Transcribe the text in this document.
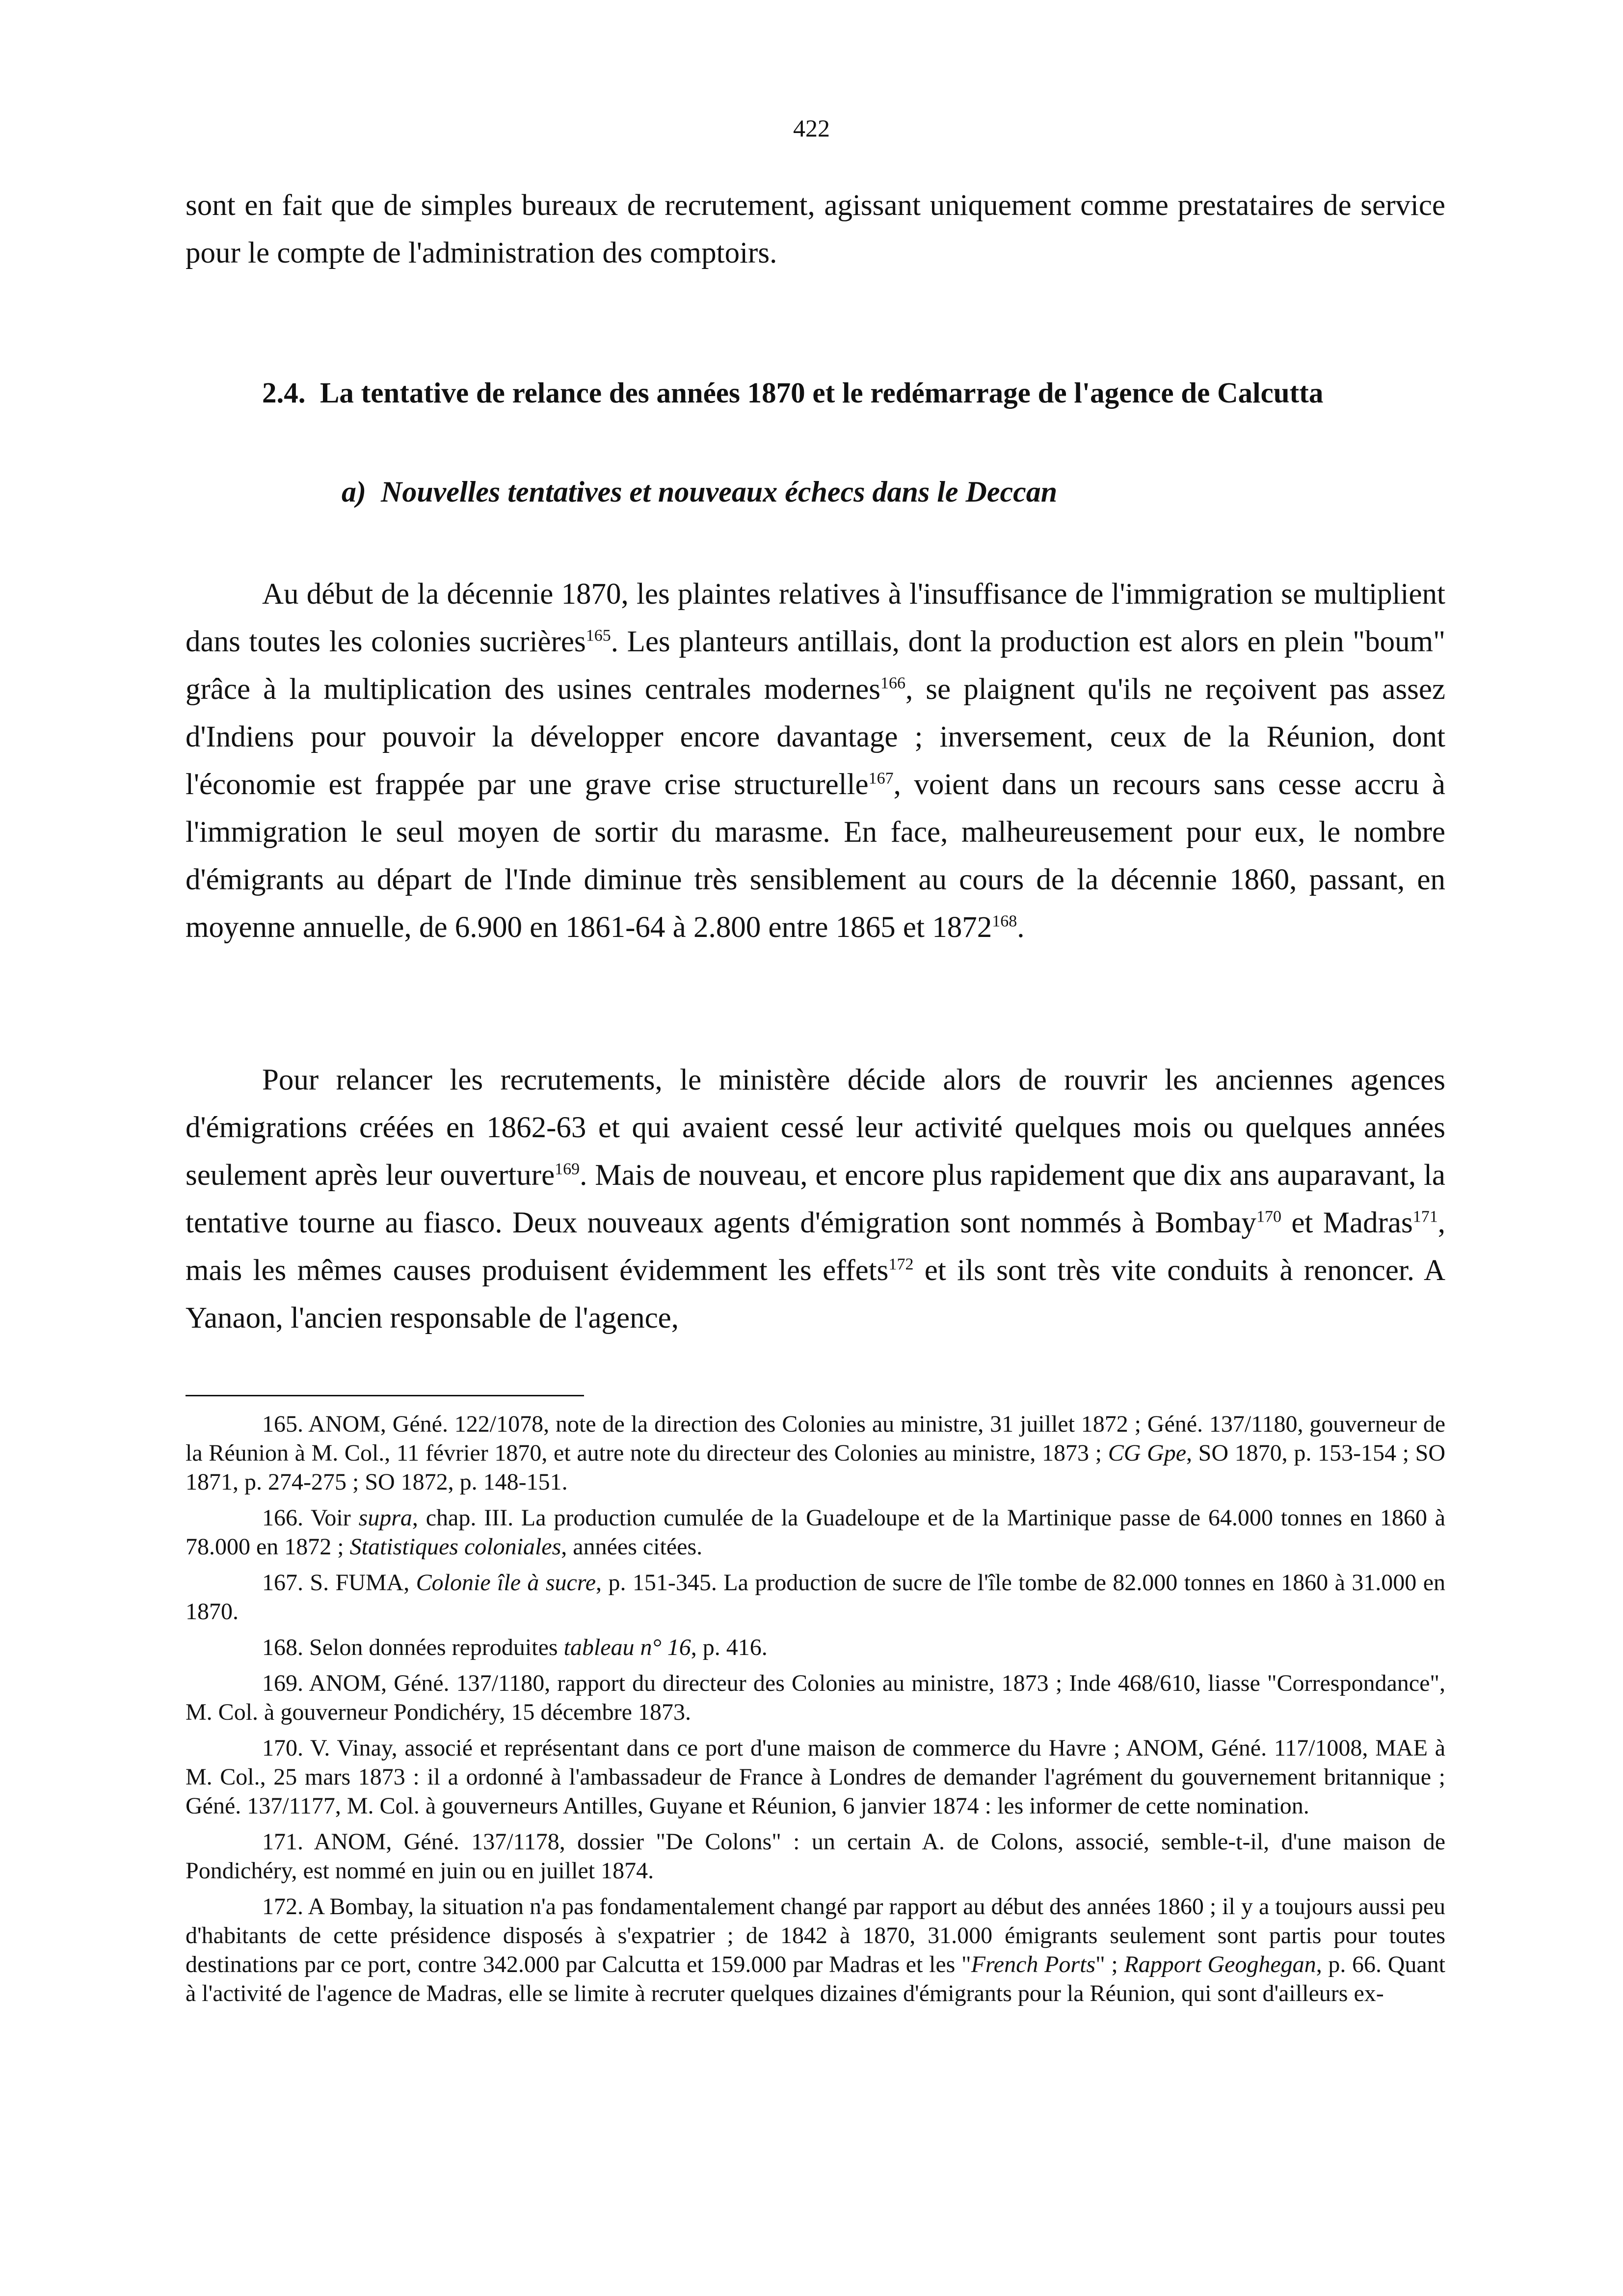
422

sont en fait que de simples bureaux de recrutement, agissant uniquement comme prestataires de service pour le compte de l'administration des comptoirs.

2.4. La tentative de relance des années 1870 et le redémarrage de l'agence de Calcutta
a) Nouvelles tentatives et nouveaux échecs dans le Deccan

Au début de la décennie 1870, les plaintes relatives à l'insuffisance de l'immigration se multiplient dans toutes les colonies sucrières$^{165}$. Les planteurs antillais, dont la production est alors en plein "boum" grâce à la multiplication des usines centrales modernes$^{166}$, se plaignent qu'ils ne reçoivent pas assez d'Indiens pour pouvoir la développer encore davantage ; inversement, ceux de la Réunion, dont l'économie est frappée par une grave crise structurelle$^{167}$, voient dans un recours sans cesse accru à l'immigration le seul moyen de sortir du marasme. En face, malheureusement pour eux, le nombre d'émigrants au départ de l'Inde diminue très sensiblement au cours de la décennie 1860, passant, en moyenne annuelle, de 6.900 en 1861-64 à 2.800 entre 1865 et 1872$^{168}$.

Pour relancer les recrutements, le ministère décide alors de rouvrir les anciennes agences d'émigrations créées en 1862-63 et qui avaient cessé leur activité quelques mois ou quelques années seulement après leur ouverture$^{169}$. Mais de nouveau, et encore plus rapidement que dix ans auparavant, la tentative tourne au fiasco. Deux nouveaux agents d'émigration sont nommés à Bombay$^{170}$ et Madras$^{171}$, mais les mêmes causes produisent évidemment les effets$^{172}$ et ils sont très vite conduits à renoncer. A Yanaon, l'ancien responsable de l'agence,

165. ANOM, Géné. 122/1078, note de la direction des Colonies au ministre, 31 juillet 1872 ; Géné. 137/1180, gouverneur de la Réunion à M. Col., 11 février 1870, et autre note du directeur des Colonies au ministre, 1873 ; CG Gpe, SO 1870, p. 153-154 ; SO 1871, p. 274-275 ; SO 1872, p. 148-151.

166. Voir supra, chap. III. La production cumulée de la Guadeloupe et de la Martinique passe de 64.000 tonnes en 1860 à 78.000 en 1872 ; Statistiques coloniales, années citées.

167. S. FUMA, Colonie île à sucre, p. 151-345. La production de sucre de l'île tombe de 82.000 tonnes en 1860 à 31.000 en 1870.

168. Selon données reproduites tableau n° 16, p. 416.

169. ANOM, Géné. 137/1180, rapport du directeur des Colonies au ministre, 1873 ; Inde 468/610, liasse "Correspondance", M. Col. à gouverneur Pondichéry, 15 décembre 1873.

170. V. Vinay, associé et représentant dans ce port d'une maison de commerce du Havre ; ANOM, Géné. 117/1008, MAE à M. Col., 25 mars 1873 : il a ordonné à l'ambassadeur de France à Londres de demander l'agrément du gouvernement britannique ; Géné. 137/1177, M. Col. à gouverneurs Antilles, Guyane et Réunion, 6 janvier 1874 : les informer de cette nomination.

171. ANOM, Géné. 137/1178, dossier "De Colons" : un certain A. de Colons, associé, semble-t-il, d'une maison de Pondichéry, est nommé en juin ou en juillet 1874.

172. A Bombay, la situation n'a pas fondamentalement changé par rapport au début des années 1860 ; il y a toujours aussi peu d'habitants de cette présidence disposés à s'expatrier ; de 1842 à 1870, 31.000 émigrants seulement sont partis pour toutes destinations par ce port, contre 342.000 par Calcutta et 159.000 par Madras et les "French Ports" ; Rapport Geoghegan, p. 66. Quant à l'activité de l'agence de Madras, elle se limite à recruter quelques dizaines d'émigrants pour la Réunion, qui sont d'ailleurs ex-
